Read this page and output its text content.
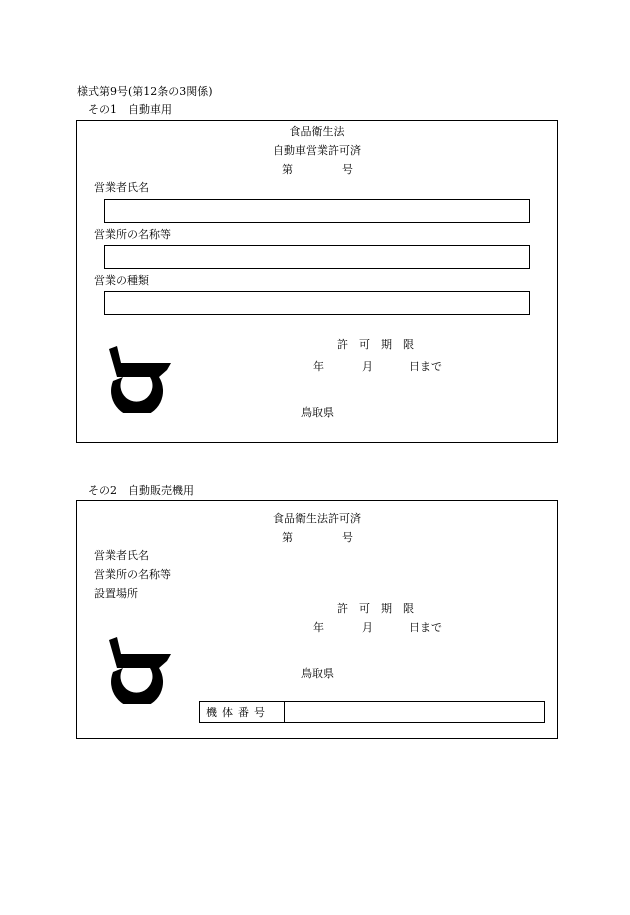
様式第9号(第12条の3関係)
その1　自動車用
食品衛生法
自動車営業許可済
第	号
営業者氏名
営業所の名称等
営業の種類
許　可　期　限
年	月	日まで
鳥取県
その2　自動販売機用
食品衛生法許可済
第	号
営業者氏名
営業所の名称等
設置場所
許　可　期　限
年	月	日まで
鳥取県
機体番号
